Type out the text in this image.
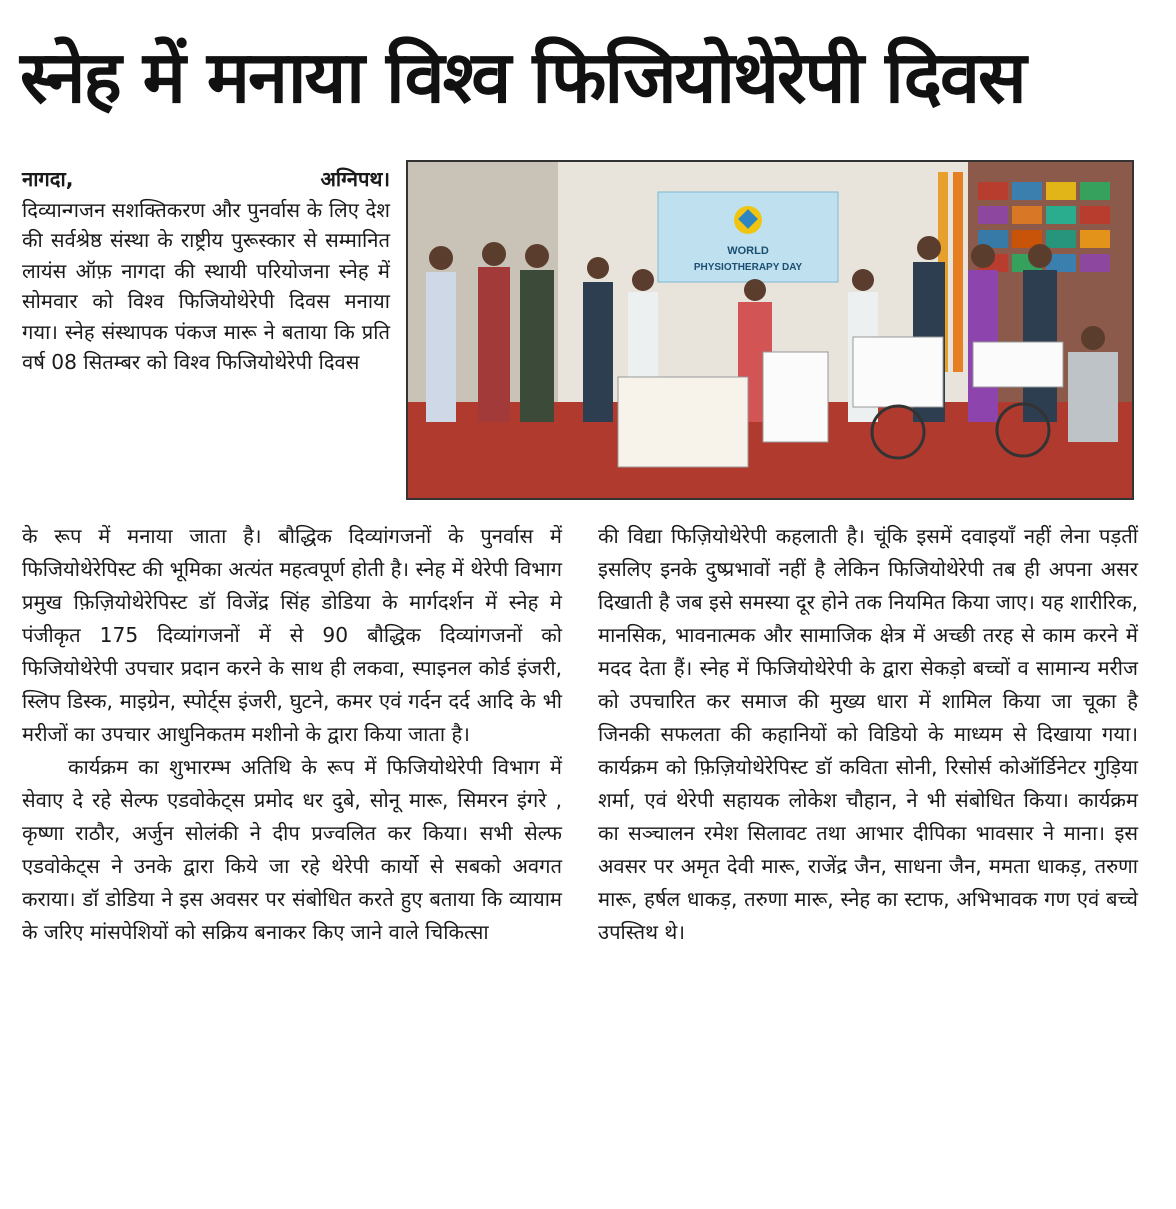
स्नेह में मनाया विश्व फिजियोथेरेपी दिवस
नागदा,	अग्निपथ।
दिव्यान्गजन सशक्तिकरण और पुनर्वास के लिए देश की सर्वश्रेष्ठ संस्था के राष्ट्रीय पुरूस्कार से सम्मानित लायंस ऑफ़ नागदा की स्थायी परियोजना स्नेह में सोमवार को विश्व फिजियोथेरेपी दिवस मनाया गया। स्नेह संस्थापक पंकज मारू ने बताया कि प्रति वर्ष 08 सितम्बर को विश्व फिजियोथेरेपी दिवस
WORLD
PHYSIOTHERAPY DAY

के रूप में मनाया जाता है। बौद्धिक दिव्यांगजनों के पुनर्वास में फिजियोथेरेपिस्ट की भूमिका अत्यंत महत्वपूर्ण होती है। स्नेह में थेरेपी विभाग प्रमुख फ़िज़ियोथेरेपिस्ट डॉ विजेंद्र सिंह डोडिया के मार्गदर्शन में स्नेह मे पंजीकृत 175 दिव्यांगजनों में से 90 बौद्धिक दिव्यांगजनों को फिजियोथेरेपी उपचार प्रदान करने के साथ ही लकवा, स्पाइनल कोर्ड इंजरी, स्लिप डिस्क, माइग्रेन, स्पोर्ट्स इंजरी, घुटने, कमर एवं गर्दन दर्द आदि के भी मरीजों का उपचार आधुनिकतम मशीनो के द्वारा किया जाता है।

कार्यक्रम का शुभारम्भ अतिथि के रूप में फिजियोथेरेपी विभाग में सेवाए दे रहे सेल्फ एडवोकेट्स प्रमोद धर दुबे, सोनू मारू, सिमरन इंगरे , कृष्णा राठौर, अर्जुन सोलंकी ने दीप प्रज्वलित कर किया। सभी सेल्फ एडवोकेट्स ने उनके द्वारा किये जा रहे थेरेपी कार्यो से सबको अवगत कराया। डॉ डोडिया ने इस अवसर पर संबोधित करते हुए बताया कि व्यायाम के जरिए मांसपेशियों को सक्रिय बनाकर किए जाने वाले चिकित्सा

की विद्या फिज़ियोथेरेपी कहलाती है। चूंकि इसमें दवाइयाँ नहीं लेना पड़तीं इसलिए इनके दुष्प्रभावों नहीं है लेकिन फिजियोथेरेपी तब ही अपना असर दिखाती है जब इसे समस्या दूर होने तक नियमित किया जाए। यह शारीरिक, मानसिक, भावनात्मक और सामाजिक क्षेत्र में अच्छी तरह से काम करने में मदद देता हैं। स्नेह में फिजियोथेरेपी के द्वारा सेकड़ो बच्चों व सामान्य मरीज को उपचारित कर समाज की मुख्य धारा में शामिल किया जा चूका है जिनकी सफलता की कहानियों को विडियो के माध्यम से दिखाया गया। कार्यक्रम को फ़िज़ियोथेरेपिस्ट डॉ कविता सोनी, रिसोर्स कोऑर्डिनेटर गुड़िया शर्मा, एवं थेरेपी सहायक लोकेश चौहान, ने भी संबोधित किया। कार्यक्रम का सञ्चालन रमेश सिलावट तथा आभार दीपिका भावसार ने माना। इस अवसर पर अमृत देवी मारू, राजेंद्र जैन, साधना जैन, ममता धाकड़, तरुणा मारू, हर्षल धाकड़, तरुणा मारू, स्नेह का स्टाफ, अभिभावक गण एवं बच्चे उपस्तिथ थे।
